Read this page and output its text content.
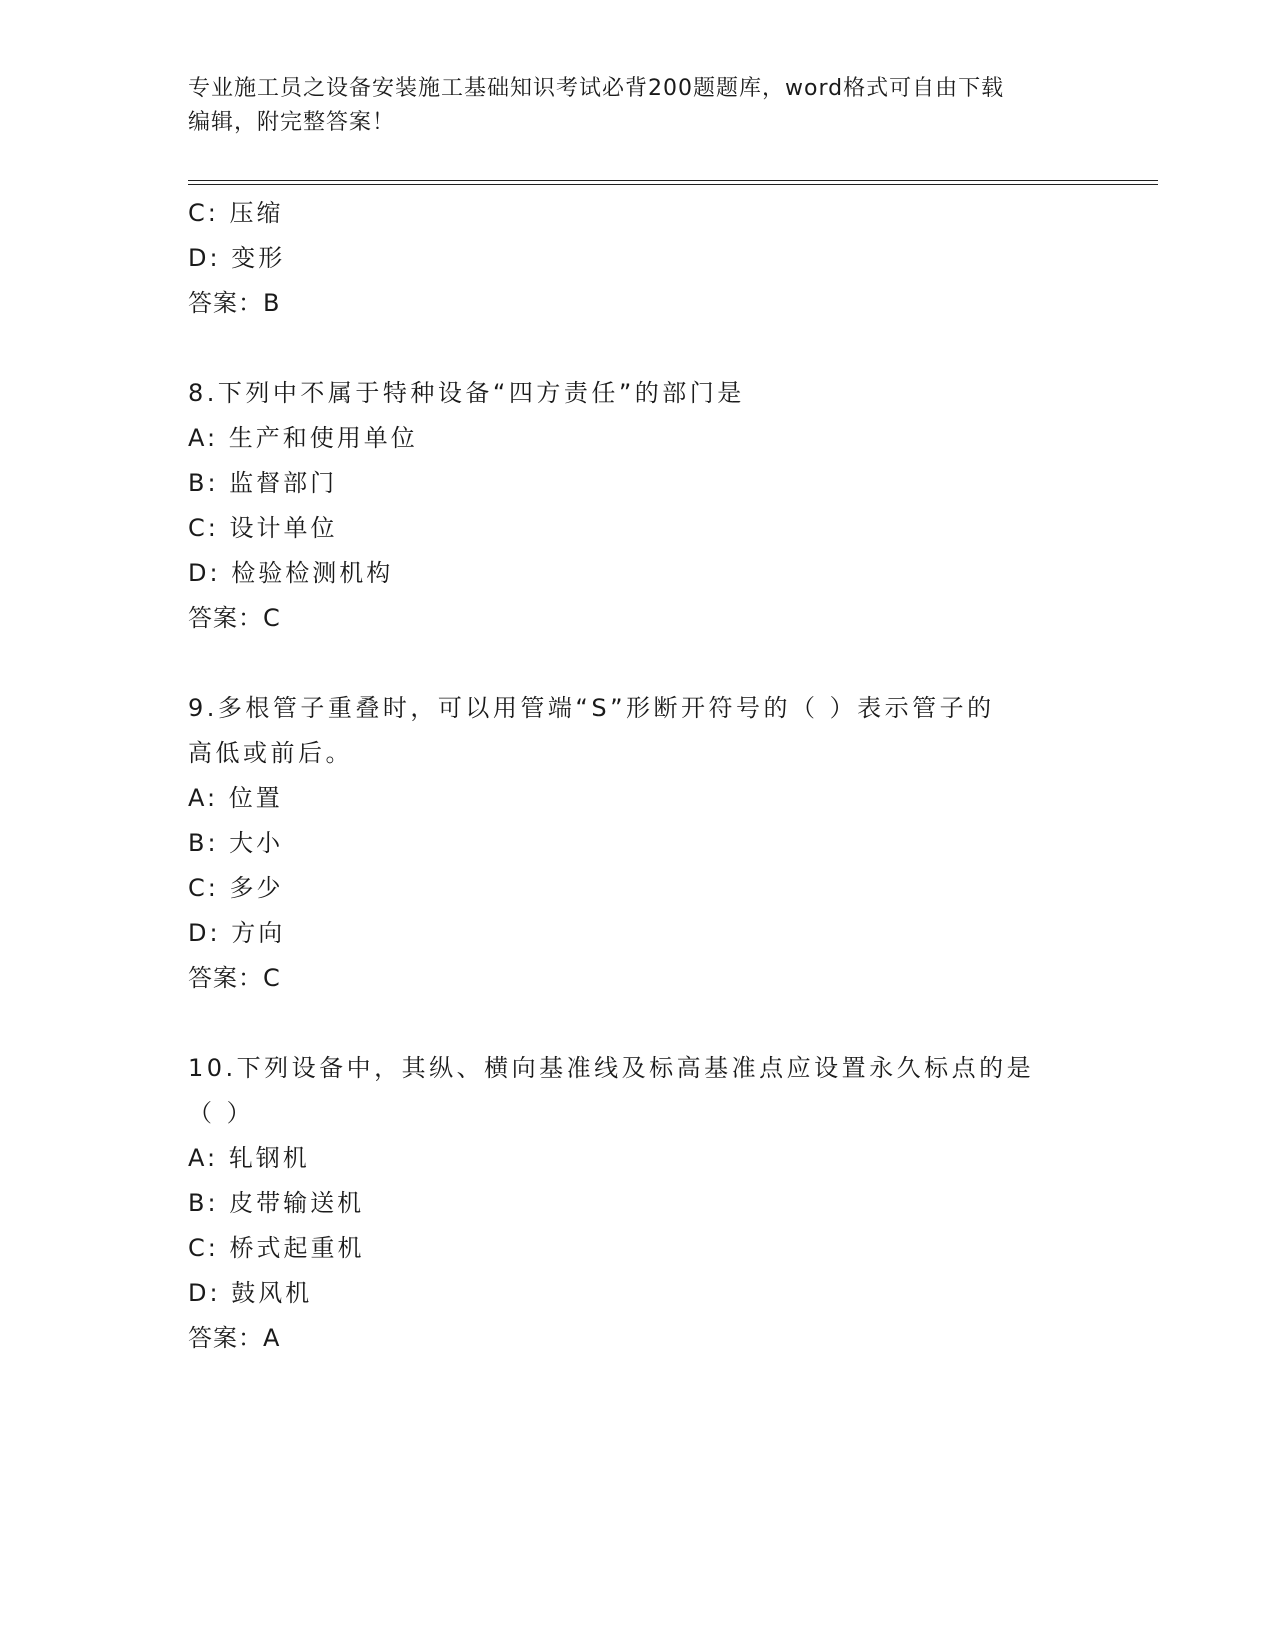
专业施工员之设备安装施工基础知识考试必背200题题库，word格式可自由下载
编辑，附完整答案！
C: 压缩
D: 变形
答案：B
8.下列中不属于特种设备“四方责任”的部门是
A: 生产和使用单位
B: 监督部门
C: 设计单位
D: 检验检测机构
答案：C
9.多根管子重叠时，可以用管端“S”形断开符号的（ ）表示管子的
高低或前后。
A: 位置
B: 大小
C: 多少
D: 方向
答案：C
10.下列设备中，其纵、横向基准线及标高基准点应设置永久标点的是
（ ）
A: 轧钢机
B: 皮带输送机
C: 桥式起重机
D: 鼓风机
答案：A
